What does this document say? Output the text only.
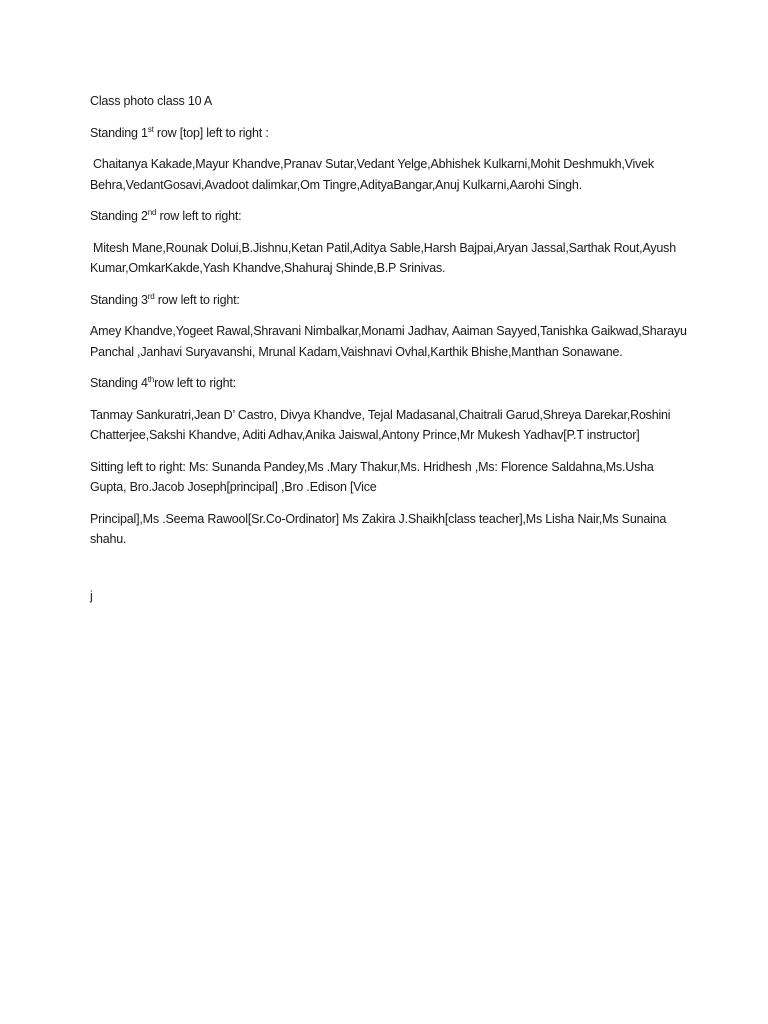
Class photo class 10 A

Standing 1st row [top] left to right :

Chaitanya Kakade,Mayur Khandve,Pranav Sutar,Vedant Yelge,Abhishek Kulkarni,Mohit Deshmukh,Vivek Behra,VedantGosavi,Avadoot dalimkar,Om Tingre,AdityaBangar,Anuj Kulkarni,Aarohi Singh.

Standing 2nd row left to right:

Mitesh Mane,Rounak Dolui,B.Jishnu,Ketan Patil,Aditya Sable,Harsh Bajpai,Aryan Jassal,Sarthak Rout,Ayush Kumar,OmkarKakde,Yash Khandve,Shahuraj Shinde,B.P Srinivas.

Standing 3rd row left to right:

Amey Khandve,Yogeet Rawal,Shravani Nimbalkar,Monami Jadhav, Aaiman Sayyed,Tanishka Gaikwad,Sharayu Panchal ,Janhavi Suryavanshi, Mrunal Kadam,Vaishnavi Ovhal,Karthik Bhishe,Manthan Sonawane.

Standing 4throw left to right:

Tanmay Sankuratri,Jean D’ Castro, Divya Khandve, Tejal Madasanal,Chaitrali Garud,Shreya Darekar,Roshini Chatterjee,Sakshi Khandve, Aditi Adhav,Anika Jaiswal,Antony Prince,Mr Mukesh Yadhav[P.T instructor]

Sitting left to right: Ms: Sunanda Pandey,Ms .Mary Thakur,Ms. Hridhesh ,Ms: Florence Saldahna,Ms.Usha Gupta, Bro.Jacob Joseph[principal] ,Bro .Edison [Vice

Principal],Ms .Seema Rawool[Sr.Co-Ordinator] Ms Zakira J.Shaikh[class teacher],Ms Lisha Nair,Ms Sunaina shahu.

j
